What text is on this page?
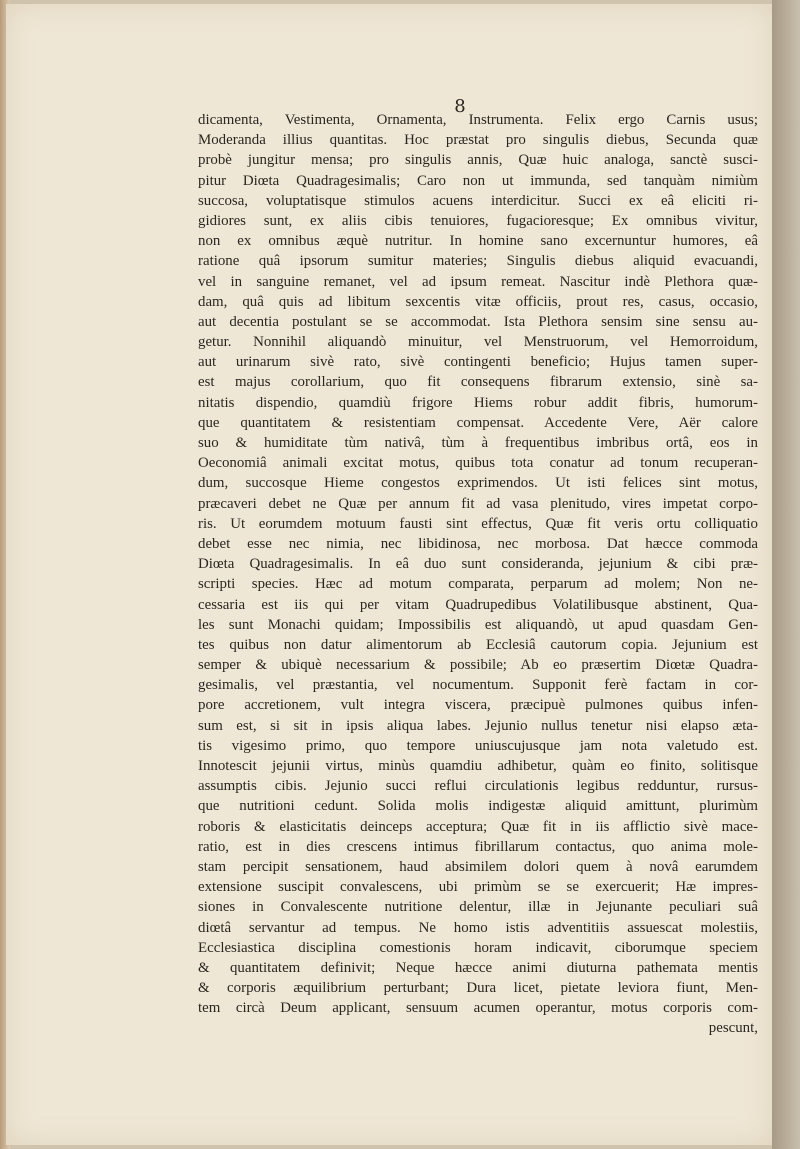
8
dicamenta, Vestimenta, Ornamenta, Instrumenta. Felix ergo Carnis usus;
Moderanda illius quantitas. Hoc præstat pro singulis diebus, Secunda quæ
probè jungitur mensa; pro singulis annis, Quæ huic analoga, sanctè susci-
pitur Diœta Quadragesimalis; Caro non ut immunda, sed tanquàm nimiùm
succosa, voluptatisque stimulos acuens interdicitur. Succi ex eâ eliciti ri-
gidiores sunt, ex aliis cibis tenuiores, fugacioresque; Ex omnibus vivitur,
non ex omnibus æquè nutritur. In homine sano excernuntur humores, eâ
ratione quâ ipsorum sumitur materies; Singulis diebus aliquid evacuandi,
vel in sanguine remanet, vel ad ipsum remeat. Nascitur indè Plethora quæ-
dam, quâ quis ad libitum sexcentis vitæ officiis, prout res, casus, occasio,
aut decentia postulant se se accommodat. Ista Plethora sensim sine sensu au-
getur. Nonnihil aliquandò minuitur, vel Menstruorum, vel Hemorroidum,
aut urinarum sivè rato, sivè contingenti beneficio; Hujus tamen super-
est majus corollarium, quo fit consequens fibrarum extensio, sinè sa-
nitatis dispendio, quamdiù frigore Hiems robur addit fibris, humorum-
que quantitatem & resistentiam compensat. Accedente Vere, Aër calore
suo & humiditate tùm nativâ, tùm à frequentibus imbribus ortâ, eos in
Oeconomiâ animali excitat motus, quibus tota conatur ad tonum recuperan-
dum, succosque Hieme congestos exprimendos. Ut isti felices sint motus,
præcaveri debet ne Quæ per annum fit ad vasa plenitudo, vires impetat corpo-
ris. Ut eorumdem motuum fausti sint effectus, Quæ fit veris ortu colliquatio
debet esse nec nimia, nec libidinosa, nec morbosa. Dat hæcce commoda
Diœta Quadragesimalis. In eâ duo sunt consideranda, jejunium & cibi præ-
scripti species. Hæc ad motum comparata, perparum ad molem; Non ne-
cessaria est iis qui per vitam Quadrupedibus Volatilibusque abstinent, Qua-
les sunt Monachi quidam; Impossibilis est aliquandò, ut apud quasdam Gen-
tes quibus non datur alimentorum ab Ecclesiâ cautorum copia. Jejunium est
semper & ubiquè necessarium & possibile; Ab eo præsertim Diœtæ Quadra-
gesimalis, vel præstantia, vel nocumentum. Supponit ferè factam in cor-
pore accretionem, vult integra viscera, præcipuè pulmones quibus infen-
sum est, si sit in ipsis aliqua labes. Jejunio nullus tenetur nisi elapso æta-
tis vigesimo primo, quo tempore uniuscujusque jam nota valetudo est.
Innotescit jejunii virtus, minùs quamdiu adhibetur, quàm eo finito, solitisque
assumptis cibis. Jejunio succi reflui circulationis legibus redduntur, rursus-
que nutritioni cedunt. Solida molis indigestæ aliquid amittunt, plurimùm
roboris & elasticitatis deinceps acceptura; Quæ fit in iis afflictio sivè mace-
ratio, est in dies crescens intimus fibrillarum contactus, quo anima mole-
stam percipit sensationem, haud absimilem dolori quem à novâ earumdem
extensione suscipit convalescens, ubi primùm se se exercuerit; Hæ impres-
siones in Convalescente nutritione delentur, illæ in Jejunante peculiari suâ
diœtâ servantur ad tempus. Ne homo istis adventitiis assuescat molestiis,
Ecclesiastica disciplina comestionis horam indicavit, ciborumque speciem
& quantitatem definivit; Neque hæcce animi diuturna pathemata mentis
& corporis æquilibrium perturbant; Dura licet, pietate leviora fiunt, Men-
tem circà Deum applicant, sensuum acumen operantur, motus corporis com-
pescunt,
